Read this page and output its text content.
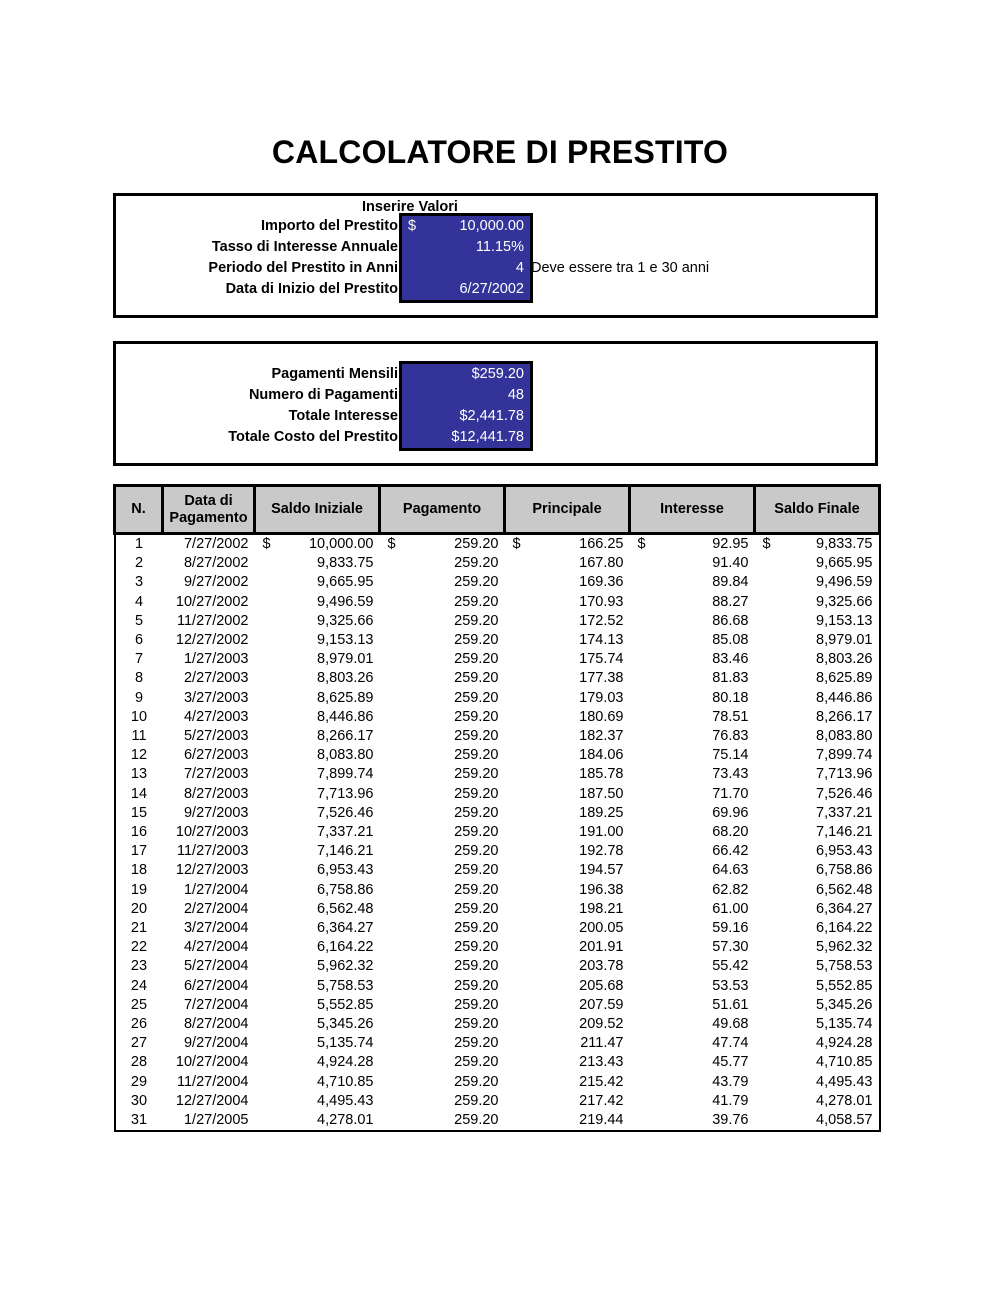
CALCOLATORE DI PRESTITO
Inserire Valori
Importo del Prestito $	10,000.00
Tasso di Interesse Annuale	11.15%
Periodo del Prestito in Anni	4
Data di Inizio del Prestito	6/27/2002
Deve essere tra 1 e 30 anni
Pagamenti Mensili	$259.20
Numero di Pagamenti	48
Totale Interesse	$2,441.78
Totale Costo del Prestito	$12,441.78
N.	Data di Pagamento	Saldo Iniziale	Pagamento	Principale	Interesse	Saldo Finale
1	7/27/2002	$ 10,000.00	$ 259.20	$ 166.25	$ 92.95	$ 9,833.75
2	8/27/2002	9,833.75	259.20	167.80	91.40	9,665.95
3	9/27/2002	9,665.95	259.20	169.36	89.84	9,496.59
4	10/27/2002	9,496.59	259.20	170.93	88.27	9,325.66
5	11/27/2002	9,325.66	259.20	172.52	86.68	9,153.13
6	12/27/2002	9,153.13	259.20	174.13	85.08	8,979.01
7	1/27/2003	8,979.01	259.20	175.74	83.46	8,803.26
8	2/27/2003	8,803.26	259.20	177.38	81.83	8,625.89
9	3/27/2003	8,625.89	259.20	179.03	80.18	8,446.86
10	4/27/2003	8,446.86	259.20	180.69	78.51	8,266.17
11	5/27/2003	8,266.17	259.20	182.37	76.83	8,083.80
12	6/27/2003	8,083.80	259.20	184.06	75.14	7,899.74
13	7/27/2003	7,899.74	259.20	185.78	73.43	7,713.96
14	8/27/2003	7,713.96	259.20	187.50	71.70	7,526.46
15	9/27/2003	7,526.46	259.20	189.25	69.96	7,337.21
16	10/27/2003	7,337.21	259.20	191.00	68.20	7,146.21
17	11/27/2003	7,146.21	259.20	192.78	66.42	6,953.43
18	12/27/2003	6,953.43	259.20	194.57	64.63	6,758.86
19	1/27/2004	6,758.86	259.20	196.38	62.82	6,562.48
20	2/27/2004	6,562.48	259.20	198.21	61.00	6,364.27
21	3/27/2004	6,364.27	259.20	200.05	59.16	6,164.22
22	4/27/2004	6,164.22	259.20	201.91	57.30	5,962.32
23	5/27/2004	5,962.32	259.20	203.78	55.42	5,758.53
24	6/27/2004	5,758.53	259.20	205.68	53.53	5,552.85
25	7/27/2004	5,552.85	259.20	207.59	51.61	5,345.26
26	8/27/2004	5,345.26	259.20	209.52	49.68	5,135.74
27	9/27/2004	5,135.74	259.20	211.47	47.74	4,924.28
28	10/27/2004	4,924.28	259.20	213.43	45.77	4,710.85
29	11/27/2004	4,710.85	259.20	215.42	43.79	4,495.43
30	12/27/2004	4,495.43	259.20	217.42	41.79	4,278.01
31	1/27/2005	4,278.01	259.20	219.44	39.76	4,058.57
